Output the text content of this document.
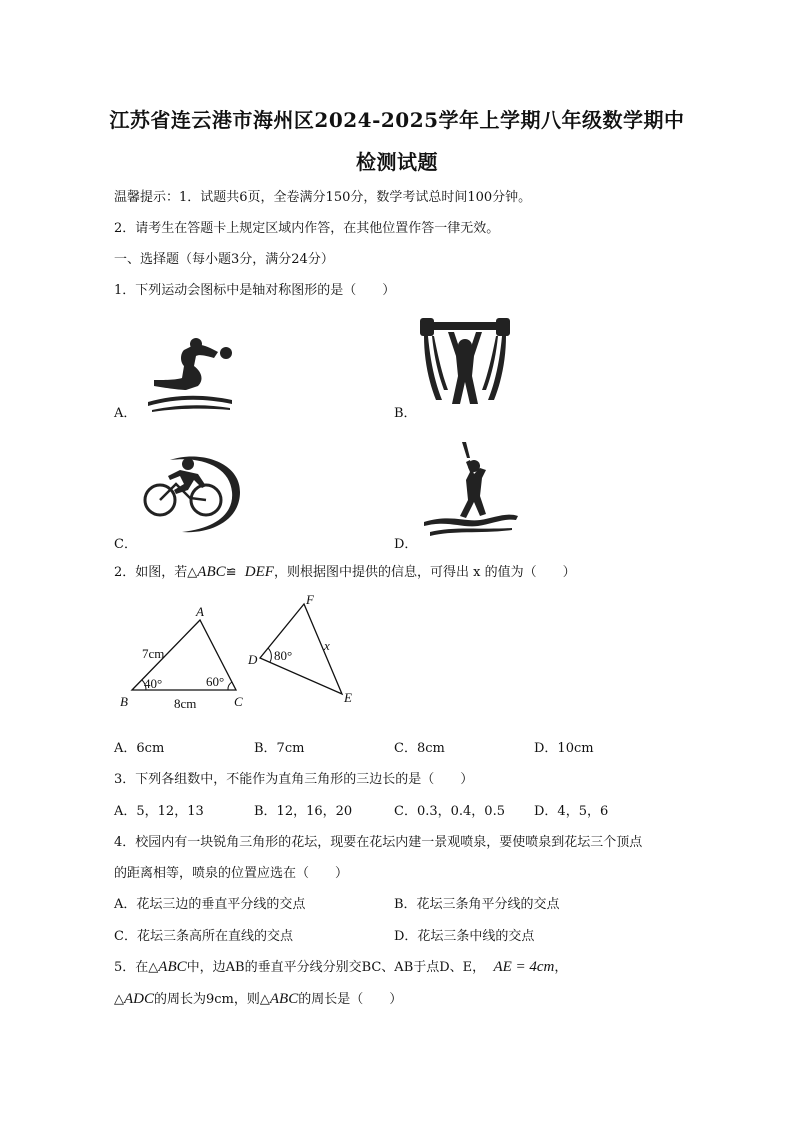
江苏省连云港市海州区2024-2025学年上学期八年级数学期中
检测试题
温馨提示：1．试题共6页，全卷满分150分，数学考试总时间100分钟。
2．请考生在答题卡上规定区域内作答，在其他位置作答一律无效。
一、选择题（每小题3分，满分24分）
1．下列运动会图标中是轴对称图形的是（　　）
A．	B．
C．	D．
2．如图，若△ABC≌ DEF，则根据图中提供的信息，可得出 x 的值为（　　）
A
B	C
7cm
8cm
40°	60°
F
D
E
x
80°
A．6cm	B．7cm	C．8cm	D．10cm
3．下列各组数中，不能作为直角三角形的三边长的是（　　）
A．5，12，13	B．12，16，20	C．0.3，0.4，0.5 D．4，5，6
4．校园内有一块锐角三角形的花坛，现要在花坛内建一景观喷泉，要使喷泉到花坛三个顶点
的距离相等，喷泉的位置应选在（　　）
A．花坛三边的垂直平分线的交点	B．花坛三条角平分线的交点
C．花坛三条高所在直线的交点	D．花坛三条中线的交点
5．在△ABC中，边AB的垂直平分线分别交BC、AB于点D、E， AE = 4cm，
△ADC的周长为9cm，则△ABC的周长是（　　）
